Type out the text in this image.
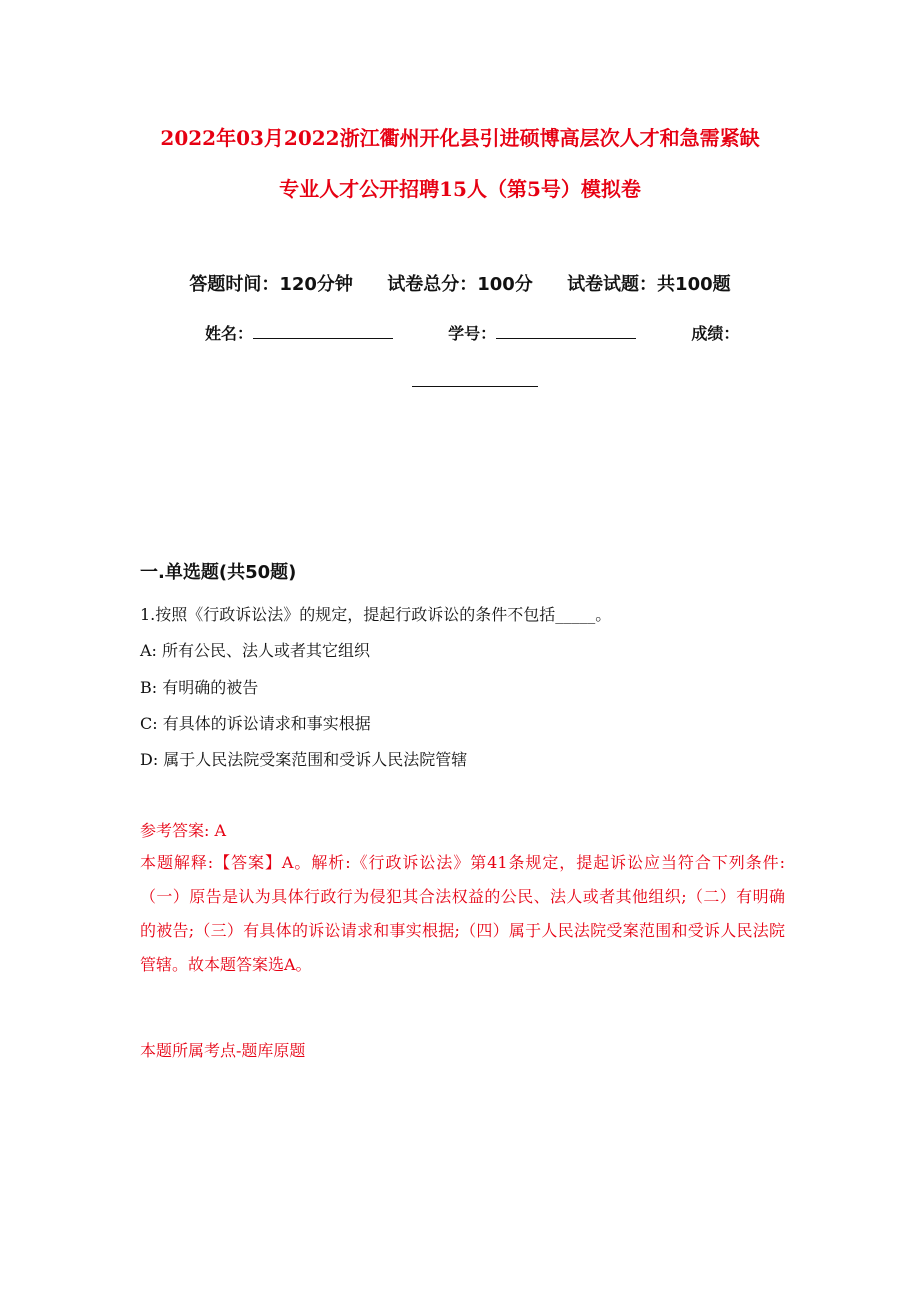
2022年03月2022浙江衢州开化县引进硕博高层次人才和急需紧缺
专业人才公开招聘15人（第5号）模拟卷
答题时间：120分钟 试卷总分：100分 试卷试题：共100题
姓名：	学号：	成绩：
一.单选题(共50题)
1.按照《行政诉讼法》的规定，提起行政诉讼的条件不包括_____。
A: 所有公民、法人或者其它组织
B: 有明确的被告
C: 有具体的诉讼请求和事实根据
D: 属于人民法院受案范围和受诉人民法院管辖
参考答案: A
本题解释:【答案】A。解析:《行政诉讼法》第41条规定，提起诉讼应当符合下列条件:（一）原告是认为具体行政行为侵犯其合法权益的公民、法人或者其他组织;（二）有明确的被告;（三）有具体的诉讼请求和事实根据;（四）属于人民法院受案范围和受诉人民法院管辖。故本题答案选A。
本题所属考点-题库原题
